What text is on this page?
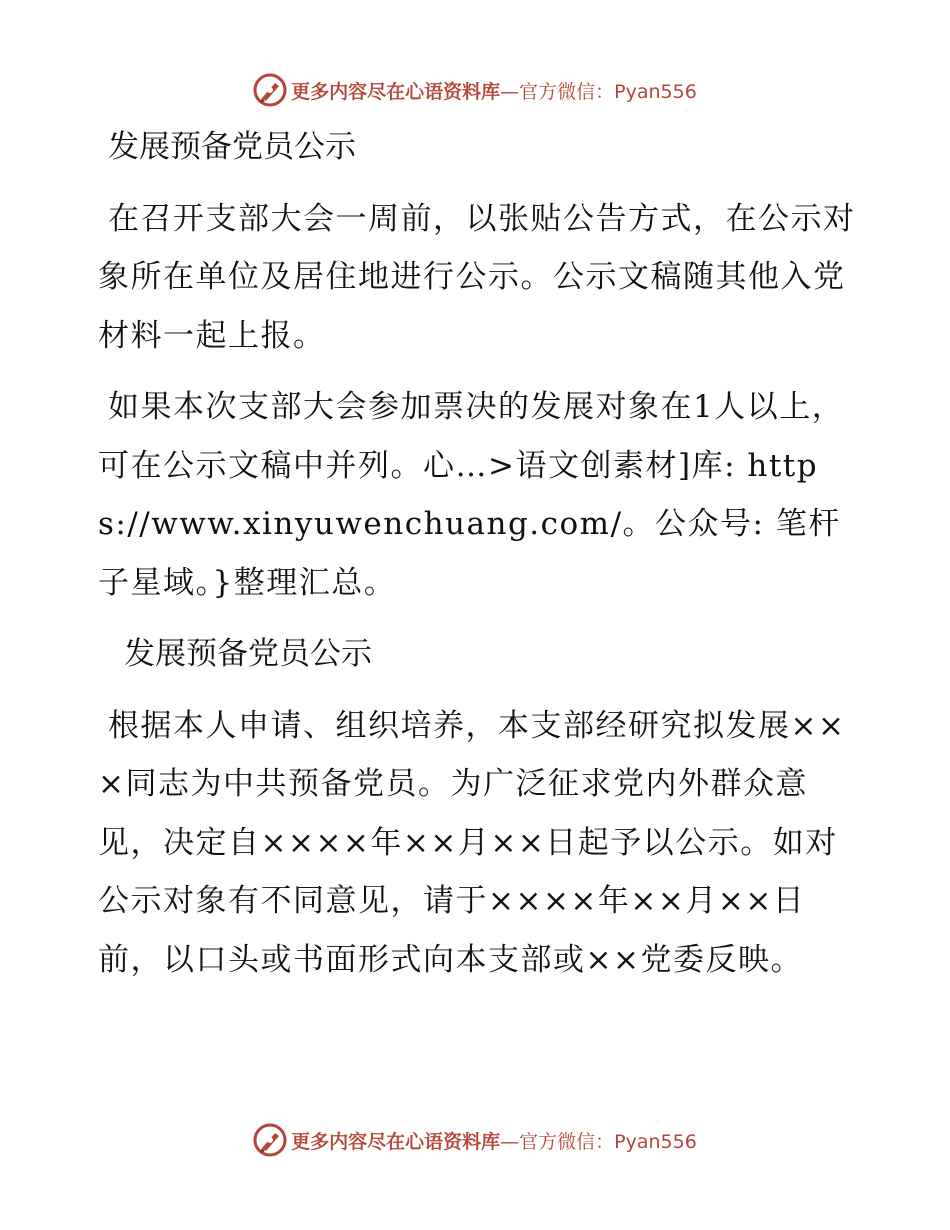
更多内容尽在心语资料库—官方微信：Pyan556

发展预备党员公示

在召开支部大会一周前，以张贴公告方式，在公示对象所在单位及居住地进行公示。公示文稿随其他入党材料一起上报。

如果本次支部大会参加票决的发展对象在1人以上，可在公示文稿中并列。心…>语文创素材]库: https://www.xinyuwenchuang.com/。公众号: 笔杆子星域。}整理汇总。

发展预备党员公示

根据本人申请、组织培养，本支部经研究拟发展×××同志为中共预备党员。为广泛征求党内外群众意见，决定自××××年××月××日起予以公示。如对公示对象有不同意见，请于××××年××月××日前，以口头或书面形式向本支部或××党委反映。

更多内容尽在心语资料库—官方微信：Pyan556
